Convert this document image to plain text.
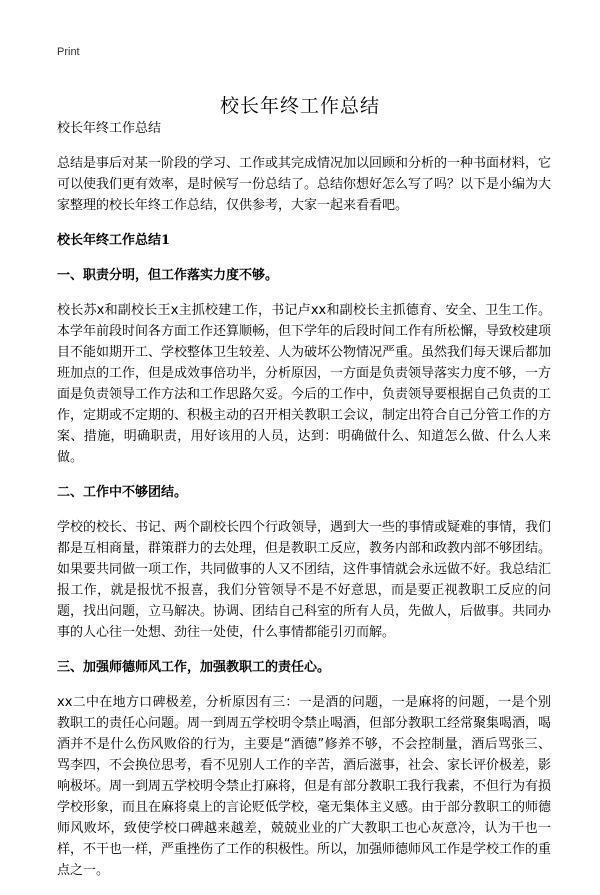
Print
校长年终工作总结

校长年终工作总结

总结是事后对某一阶段的学习、工作或其完成情况加以回顾和分析的一种书面材料，它可以使我们更有效率，是时候写一份总结了。总结你想好怎么写了吗？以下是小编为大家整理的校长年终工作总结，仅供参考，大家一起来看看吧。

校长年终工作总结1

一、职责分明，但工作落实力度不够。

校长苏x和副校长王x主抓校建工作，书记卢xx和副校长主抓德育、安全、卫生工作。本学年前段时间各方面工作还算顺畅，但下学年的后段时间工作有所松懈，导致校建项目不能如期开工、学校整体卫生较差、人为破坏公物情况严重。虽然我们每天课后都加班加点的工作，但是成效事倍功半，分析原因，一方面是负责领导落实力度不够，一方面是负责领导工作方法和工作思路欠妥。今后的工作中，负责领导要根据自己负责的工作，定期或不定期的、积极主动的召开相关教职工会议，制定出符合自己分管工作的方案、措施，明确职责，用好该用的人员，达到：明确做什么、知道怎么做、什么人来做。

二、工作中不够团结。

学校的校长、书记、两个副校长四个行政领导，遇到大一些的事情或疑难的事情，我们都是互相商量，群策群力的去处理，但是教职工反应，教务内部和政教内部不够团结。如果要共同做一项工作，共同做事的人又不团结，这件事情就会永远做不好。我总结汇报工作，就是报忧不报喜，我们分管领导不是不好意思，而是要正视教职工反应的问题，找出问题，立马解决。协调、团结自己科室的所有人员，先做人，后做事。共同办事的人心往一处想、劲往一处使，什么事情都能引刃而解。

三、加强师德师风工作，加强教职工的责任心。

xx二中在地方口碑极差，分析原因有三：一是酒的问题，一是麻将的问题，一是个别教职工的责任心问题。周一到周五学校明令禁止喝酒，但部分教职工经常聚集喝酒，喝酒并不是什么伤风败俗的行为，主要是“酒德”修养不够，不会控制量，酒后骂张三、骂李四，不会换位思考，看不见别人工作的辛苦，酒后滋事，社会、家长评价极差，影响极坏。周一到周五学校明令禁止打麻将，但是有部分教职工我行我素，不但行为有损学校形象，而且在麻将桌上的言论贬低学校，毫无集体主义感。由于部分教职工的师德师风败坏，致使学校口碑越来越差，兢兢业业的广大教职工也心灰意冷，认为干也一样，不干也一样，严重挫伤了工作的积极性。所以，加强师德师风工作是学校工作的重点之一。
